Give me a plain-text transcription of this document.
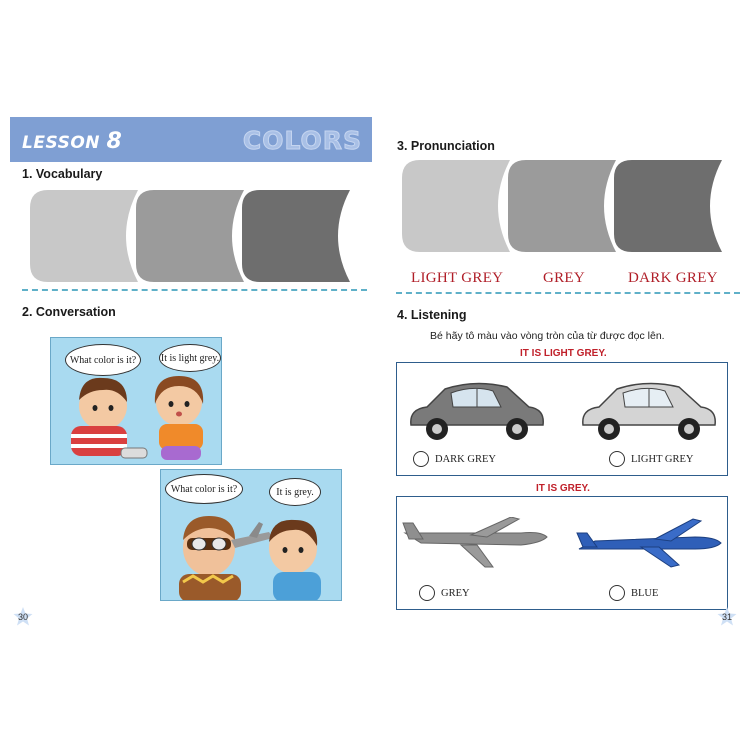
LESSON 8	COLORS
1. Vocabulary
2. Conversation
What color is it?	It is light grey.
What color is it?	It is grey.
30
3. Pronunciation
LIGHT GREY	GREY	DARK GREY
4. Listening
Bé hãy tô màu vào vòng tròn của từ được đọc lên.
IT IS LIGHT GREY.
DARK GREY	LIGHT GREY
IT IS GREY.
GREY	BLUE
31
